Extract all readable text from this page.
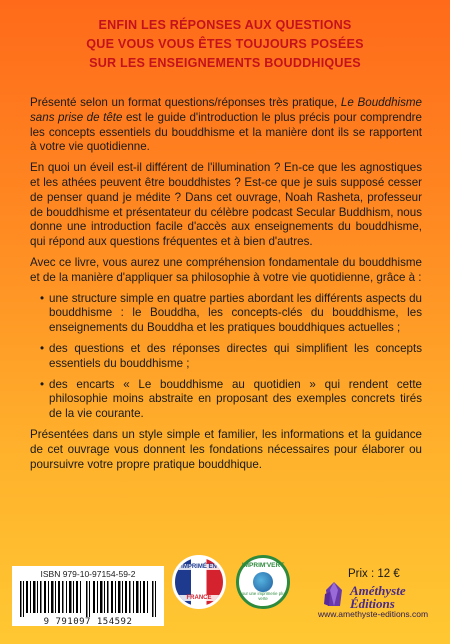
ENFIN LES RÉPONSES AUX QUESTIONS
QUE VOUS VOUS ÊTES TOUJOURS POSÉES
SUR LES ENSEIGNEMENTS BOUDDHIQUES

Présenté selon un format questions/réponses très pratique, Le Bouddhisme sans prise de tête est le guide d'introduction le plus précis pour comprendre les concepts essentiels du bouddhisme et la manière dont ils se rapportent à votre vie quotidienne.

En quoi un éveil est-il différent de l'illumination ? En-ce que les agnostiques et les athées peuvent être bouddhistes ? Est-ce que je suis supposé cesser de penser quand je médite ? Dans cet ouvrage, Noah Rasheta, professeur de bouddhisme et présentateur du célèbre podcast Secular Buddhism, nous donne une introduction facile d'accès aux enseignements du bouddhisme, qui répond aux questions fréquentes et à bien d'autres.

Avec ce livre, vous aurez une compréhension fondamentale du bouddhisme et de la manière d'appliquer sa philosophie à votre vie quotidienne, grâce à :

• une structure simple en quatre parties abordant les différents aspects du bouddhisme : le Bouddha, les concepts-clés du bouddhisme, les enseignements du Bouddha et les pratiques bouddhiques actuelles ;
• des questions et des réponses directes qui simplifient les concepts essentiels du bouddhisme ;
• des encarts « Le bouddhisme au quotidien » qui rendent cette philosophie moins abstraite en proposant des exemples concrets tirés de la vie courante.

Présentées dans un style simple et familier, les informations et la guidance de cet ouvrage vous donnent les fondations nécessaires pour élaborer ou poursuivre votre propre pratique bouddhique.

ISBN 979-10-97154-59-2
9 791097 154592
IMPRIMÉ EN
FRANCE
IMPRIM'VERT
pour une imprimerie plus verte
Prix : 12 €
Améthyste
Éditions
www.amethyste-editions.com
